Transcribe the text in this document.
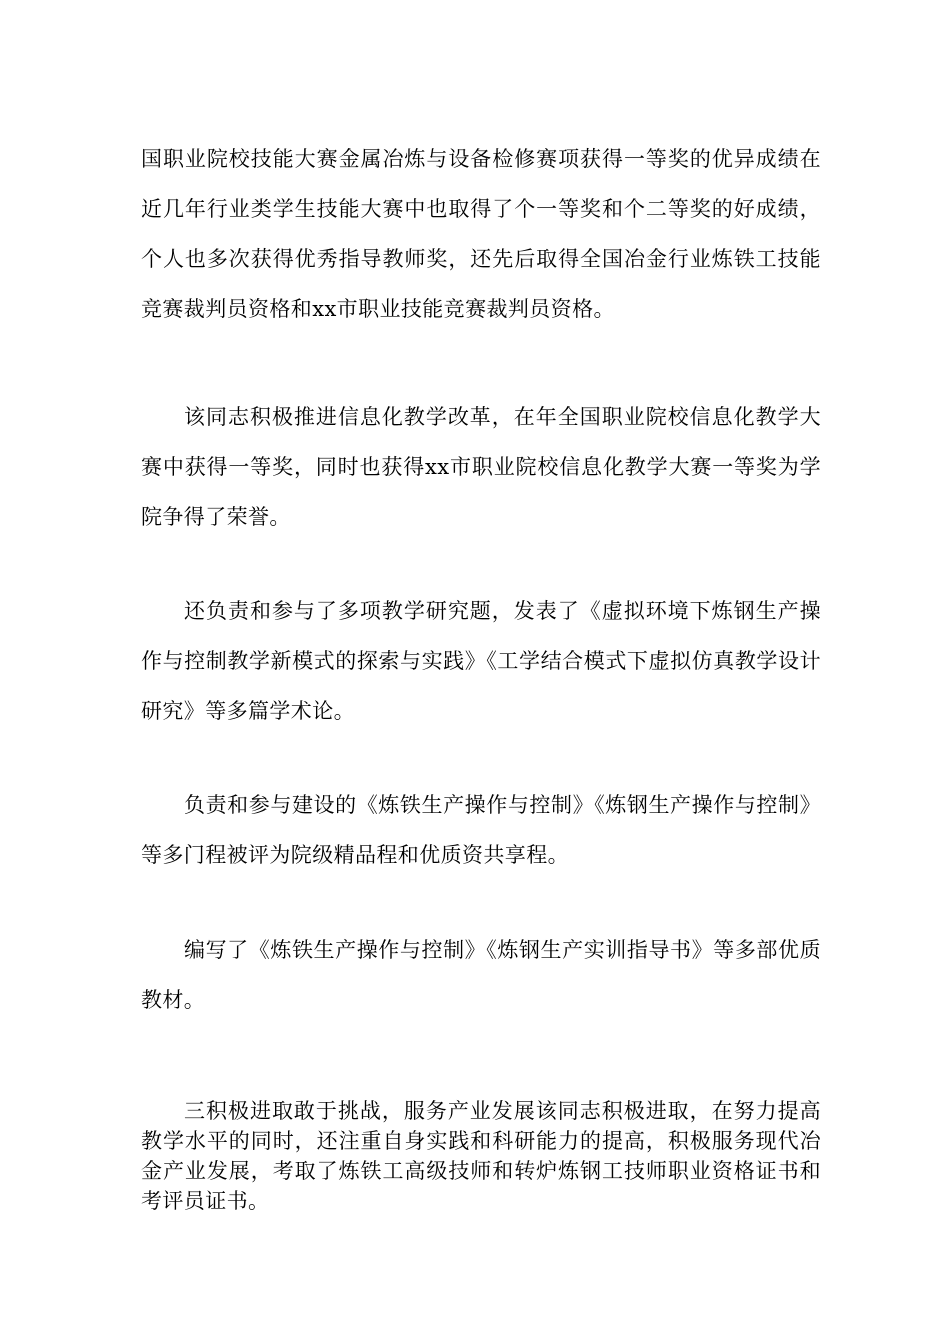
国职业院校技能大赛金属冶炼与设备检修赛项获得一等奖的优异成绩在近几年行业类学生技能大赛中也取得了个一等奖和个二等奖的好成绩，个人也多次获得优秀指导教师奖，还先后取得全国冶金行业炼铁工技能竞赛裁判员资格和xx市职业技能竞赛裁判员资格。

该同志积极推进信息化教学改革，在年全国职业院校信息化教学大赛中获得一等奖，同时也获得xx市职业院校信息化教学大赛一等奖为学院争得了荣誉。

还负责和参与了多项教学研究题，发表了《虚拟环境下炼钢生产操作与控制教学新模式的探索与实践》《工学结合模式下虚拟仿真教学设计研究》等多篇学术论。

负责和参与建设的《炼铁生产操作与控制》《炼钢生产操作与控制》等多门程被评为院级精品程和优质资共享程。

编写了《炼铁生产操作与控制》《炼钢生产实训指导书》等多部优质教材。

三积极进取敢于挑战，服务产业发展该同志积极进取，在努力提高教学水平的同时，还注重自身实践和科研能力的提高，积极服务现代冶金产业发展，考取了炼铁工高级技师和转炉炼钢工技师职业资格证书和考评员证书。
